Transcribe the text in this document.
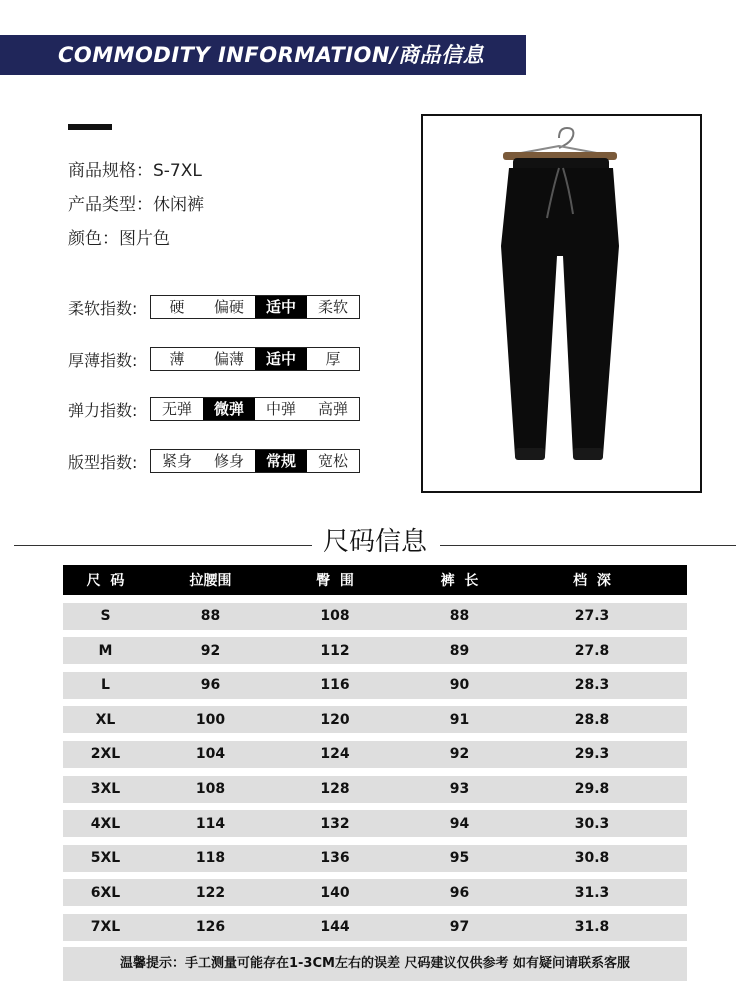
COMMODITY INFORMATION/商品信息
商品规格：S-7XL
产品类型：休闲裤
颜色：图片色
柔软指数:	硬	偏硬	适中	柔软
厚薄指数:	薄	偏薄	适中	厚
弹力指数:	无弹	微弹	中弹	高弹
版型指数:	紧身	修身	常规	宽松
尺码信息
尺  码	拉腰围	臀  围	裤  长	档  深
S	88	108	88	27.3
M	92	112	89	27.8
L	96	116	90	28.3
XL	100	120	91	28.8
2XL	104	124	92	29.3
3XL	108	128	93	29.8
4XL	114	132	94	30.3
5XL	118	136	95	30.8
6XL	122	140	96	31.3
7XL	126	144	97	31.8
温馨提示：手工测量可能存在1-3CM左右的误差 尺码建议仅供参考 如有疑问请联系客服
